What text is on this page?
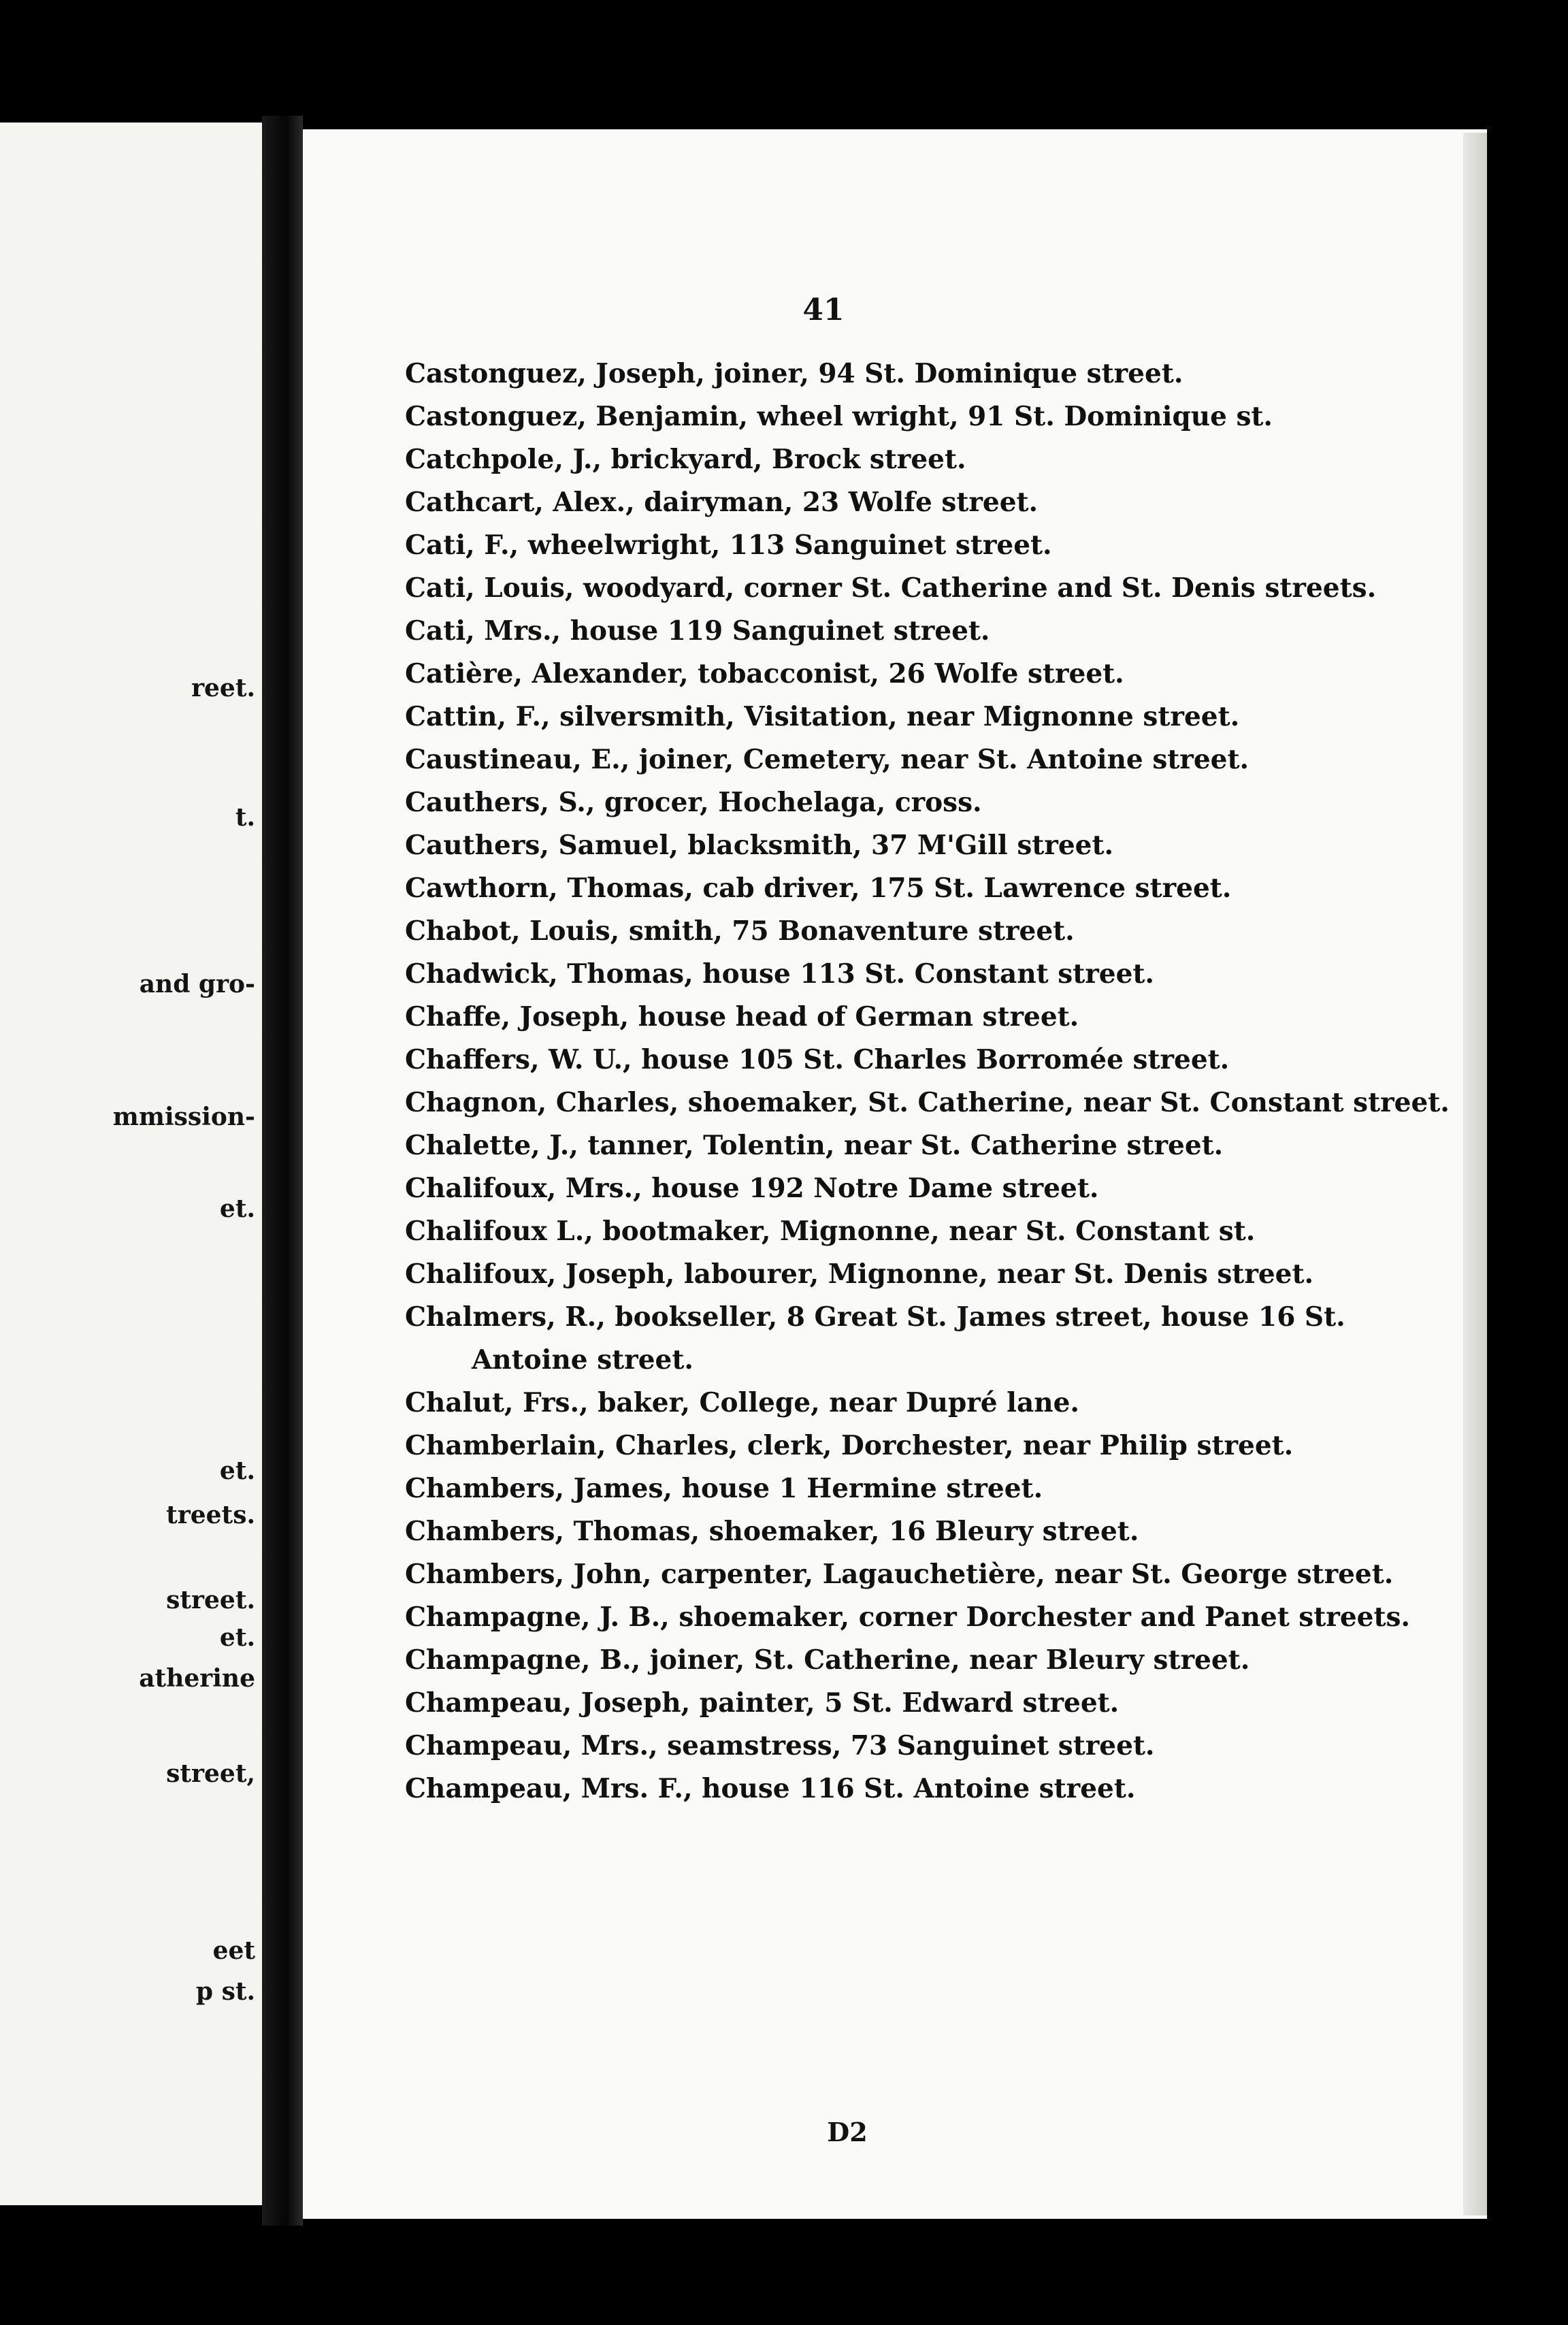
reet.
t.
and gro-
mmission-
et.
et.
treets.
street.
et.
atherine
street,
eet
p st.
41
Castonguez, Joseph, joiner, 94 St. Dominique street.
Castonguez, Benjamin, wheel wright, 91 St. Dominique st.
Catchpole, J., brickyard, Brock street.
Cathcart, Alex., dairyman, 23 Wolfe street.
Cati, F., wheelwright, 113 Sanguinet street.
Cati, Louis, woodyard, corner St. Catherine and St. Denis streets.
Cati, Mrs., house 119 Sanguinet street.
Catière, Alexander, tobacconist, 26 Wolfe street.
Cattin, F., silversmith, Visitation, near Mignonne street.
Caustineau, E., joiner, Cemetery, near St. Antoine street.
Cauthers, S., grocer, Hochelaga, cross.
Cauthers, Samuel, blacksmith, 37 M'Gill street.
Cawthorn, Thomas, cab driver, 175 St. Lawrence street.
Chabot, Louis, smith, 75 Bonaventure street.
Chadwick, Thomas, house 113 St. Constant street.
Chaffe, Joseph, house head of German street.
Chaffers, W. U., house 105 St. Charles Borromée street.
Chagnon, Charles, shoemaker, St. Catherine, near St. Constant street.
Chalette, J., tanner, Tolentin, near St. Catherine street.
Chalifoux, Mrs., house 192 Notre Dame street.
Chalifoux L., bootmaker, Mignonne, near St. Constant st.
Chalifoux, Joseph, labourer, Mignonne, near St. Denis street.
Chalmers, R., bookseller, 8 Great St. James street, house 16 St. Antoine street.
Chalut, Frs., baker, College, near Dupré lane.
Chamberlain, Charles, clerk, Dorchester, near Philip street.
Chambers, James, house 1 Hermine street.
Chambers, Thomas, shoemaker, 16 Bleury street.
Chambers, John, carpenter, Lagauchetière, near St. George street.
Champagne, J. B., shoemaker, corner Dorchester and Panet streets.
Champagne, B., joiner, St. Catherine, near Bleury street.
Champeau, Joseph, painter, 5 St. Edward street.
Champeau, Mrs., seamstress, 73 Sanguinet street.
Champeau, Mrs. F., house 116 St. Antoine street.
D2
